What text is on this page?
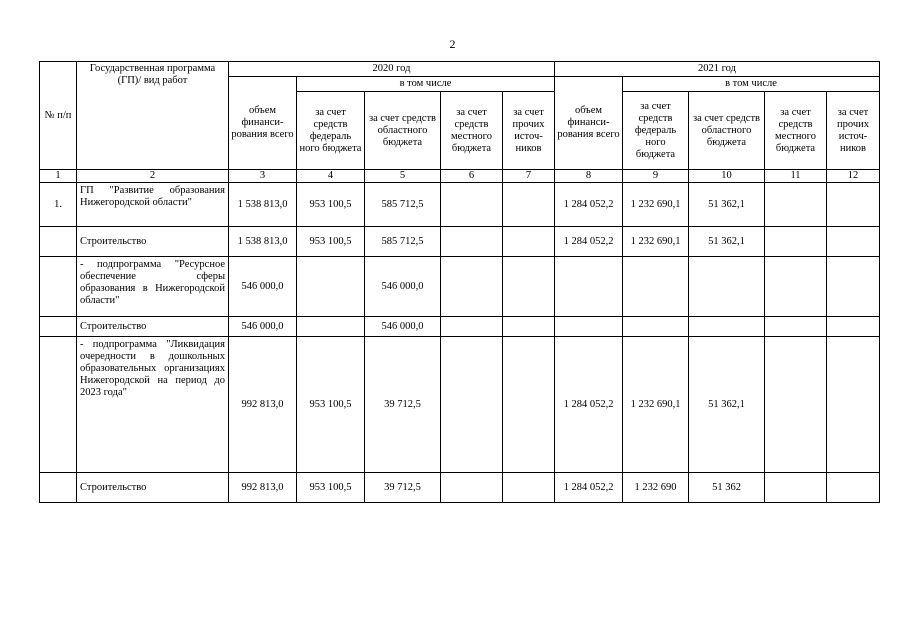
2
№ п/п	Государственная программа (ГП)/ вид работ	2020 год					2021 год				
		объем финанси-рования всего	в том числе				объем финанси-рования всего	в том числе			
			за счет средств федераль ного бюджета	за счет средств областного бюджета	за счет средств местного бюджета	за счет прочих источ-ников		за счет средств федераль ного бюджета	за счет средств областного бюджета	за счет средств местного бюджета	за счет прочих источ-ников
1	2	3	4	5	6	7	8	9	10	11	12
1.	ГП "Развитие образования Нижегородской области"	1 538 813,0	953 100,5	585 712,5			1 284 052,2	1 232 690,1	51 362,1		
	Строительство	1 538 813,0	953 100,5	585 712,5			1 284 052,2	1 232 690,1	51 362,1		
	- подпрограмма "Ресурсное обеспечение сферы образования в Нижегородской области"	546 000,0		546 000,0							
	Строительство	546 000,0		546 000,0							
	- подпрограмма "Ликвидация очередности в дошкольных образовательных организациях Нижегородской на период до 2023 года"	992 813,0	953 100,5	39 712,5			1 284 052,2	1 232 690,1	51 362,1		
	Строительство	992 813,0	953 100,5	39 712,5			1 284 052,2	1 232 690	51 362		
